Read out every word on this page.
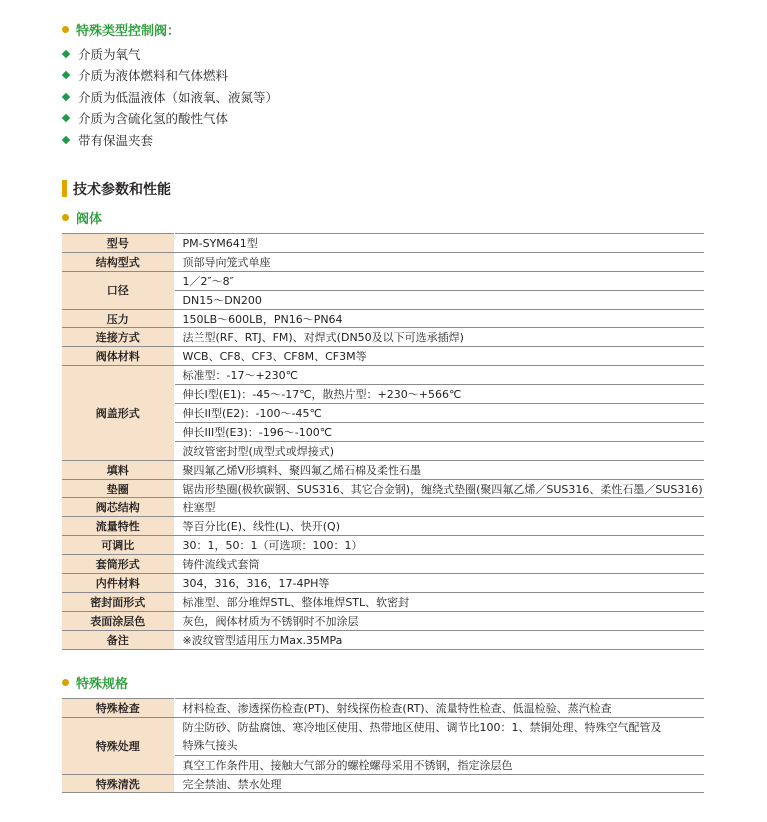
特殊类型控制阀：
介质为氧气
介质为液体燃料和气体燃料
介质为低温液体（如液氧、液氮等）
介质为含硫化氢的酸性气体
带有保温夹套
技术参数和性能
阀体
型号	PM-SYM641型
结构型式	顶部导向笼式单座
口径	1／2″～8″
	DN15～DN200
压力	150LB～600LB，PN16～PN64
连接方式	法兰型(RF、RTJ、FM)、对焊式(DN50及以下可选承插焊)
阀体材料	WCB、CF8、CF3、CF8M、CF3M等
阀盖形式	标准型：-17～+230℃
	伸长I型(E1)：-45～-17℃，散热片型：+230～+566℃
	伸长II型(E2)：-100～-45℃
	伸长III型(E3)：-196～-100℃
	波纹管密封型(成型式或焊接式)
填料	聚四氟乙烯V形填料、聚四氟乙烯石棉及柔性石墨
垫圈	锯齿形垫圈(极软碳钢、SUS316、其它合金钢)，缠绕式垫圈(聚四氟乙烯／SUS316、柔性石墨／SUS316)
阀芯结构	柱塞型
流量特性	等百分比(E)、线性(L)、快开(Q)
可调比	30：1，50：1（可选项：100：1）
套筒形式	铸件流线式套筒
内件材料	304，316，316，17-4PH等
密封面形式	标准型、部分堆焊STL、整体堆焊STL、软密封
表面涂层色	灰色，阀体材质为不锈钢时不加涂层
备注	※波纹管型适用压力Max.35MPa
特殊规格
特殊检查	材料检查、渗透探伤检查(PT)、射线探伤检查(RT)、流量特性检查、低温检验、蒸汽检查
特殊处理	防尘防砂、防盐腐蚀、寒冷地区使用、热带地区使用、调节比100：1、禁铜处理、特殊空气配管及
	特殊气接头
	真空工作条件用、接触大气部分的螺栓螺母采用不锈钢，指定涂层色
特殊清洗	完全禁油、禁水处理
